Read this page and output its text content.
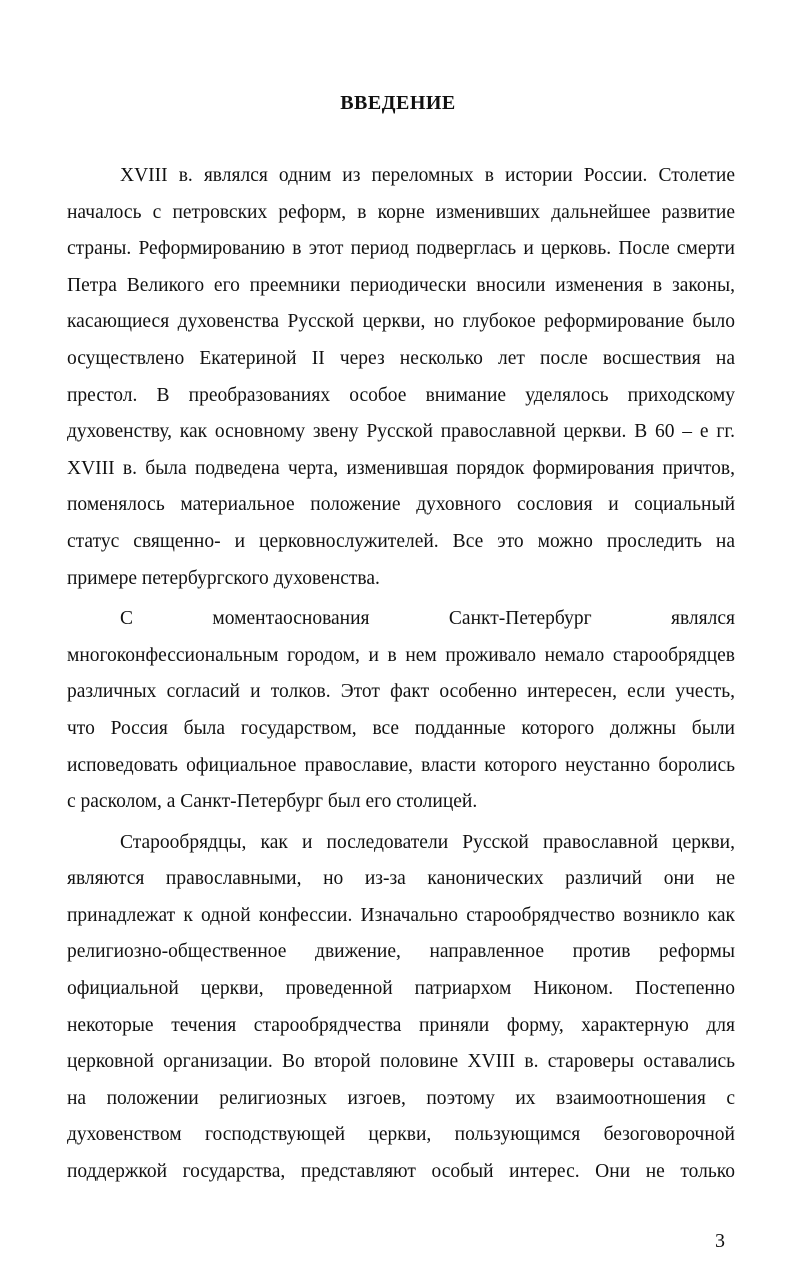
ВВЕДЕНИЕ
XVIII в. являлся одним из переломных в истории России. Столетие
началось с петровских реформ, в корне изменивших дальнейшее развитие
страны. Реформированию в этот период подверглась и церковь. После смерти
Петра Великого его преемники периодически вносили изменения в законы,
касающиеся духовенства Русской церкви, но глубокое реформирование было
осуществлено Екатериной II через несколько лет после восшествия на
престол. В преобразованиях особое внимание уделялось приходскому
духовенству, как основному звену Русской православной церкви. В 60 – е гг.
XVIII в. была подведена черта, изменившая порядок формирования причтов,
поменялось материальное положение духовного сословия и социальный
статус священно- и церковнослужителей. Все это можно проследить на
примере петербургского духовенства.
С моментаоснования Санкт-Петербург являлся
многоконфессиональным городом, и в нем проживало немало старообрядцев
различных согласий и толков. Этот факт особенно интересен, если учесть,
что Россия была государством, все подданные которого должны были
исповедовать официальное православие, власти которого неустанно боролись
с расколом, а Санкт-Петербург был его столицей.
Старообрядцы, как и последователи Русской православной церкви,
являются православными, но из-за канонических различий они не
принадлежат к одной конфессии. Изначально старообрядчество возникло как
религиозно-общественное движение, направленное против реформы
официальной церкви, проведенной патриархом Никоном. Постепенно
некоторые течения старообрядчества приняли форму, характерную для
церковной организации. Во второй половине XVIII в. староверы оставались
на положении религиозных изгоев, поэтому их взаимоотношения с
духовенством господствующей церкви, пользующимся безоговорочной
поддержкой государства, представляют особый интерес. Они не только
3
